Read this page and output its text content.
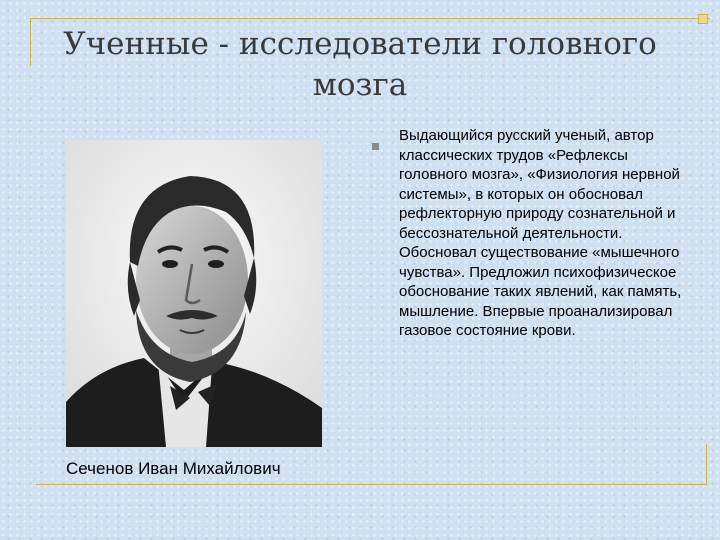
Ученные - исследователи головного мозга
Сеченов Иван Михайлович

Выдающийся русский ученый, автор классических трудов «Рефлексы головного мозга», «Физиология нервной системы», в которых он обосновал рефлекторную природу сознательной и бессознательной деятельности. Обосновал существование «мышечного чувства». Предложил психофизическое обоснование таких явлений, как память, мышление. Впервые проанализировал газовое состояние крови.
